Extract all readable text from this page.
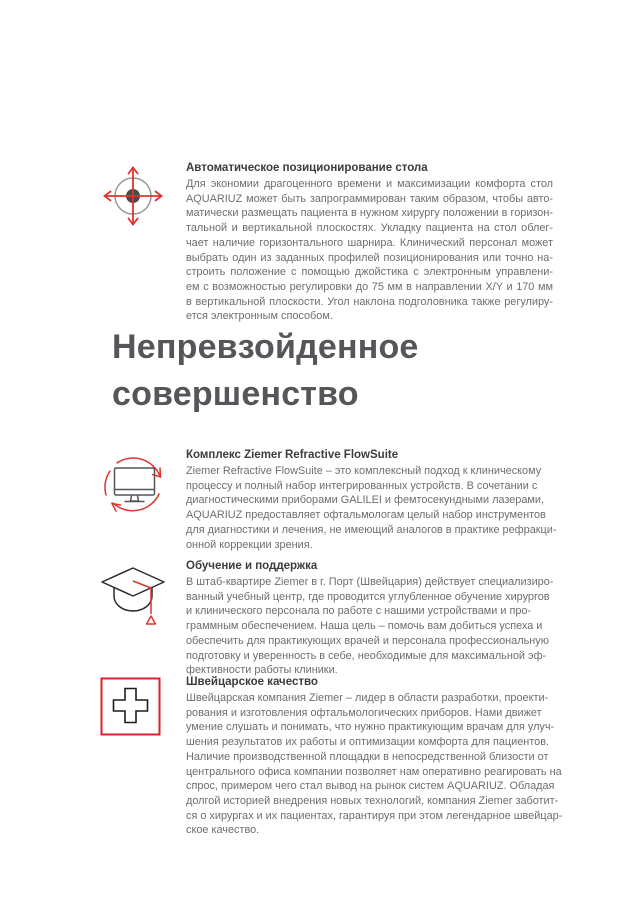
Автоматическое позиционирование стола
Для экономии драгоценного времени и максимизации комфорта стол
AQUARIUZ может быть запрограммирован таким образом, чтобы авто-
матически размещать пациента в нужном хирургу положении в горизон-
тальной и вертикальной плоскостях. Укладку пациента на стол облег-
чает наличие горизонтального шарнира. Клинический персонал может
выбрать один из заданных профилей позиционирования или точно на-
строить положение с помощью джойстика с электронным управлени-
ем с возможностью регулировки до 75 мм в направлении X/Y и 170 мм
в вертикальной плоскости. Угол наклона подголовника также регулиру-
ется электронным способом.
Непревзойденное
совершенство
Комплекс Ziemer Refractive FlowSuite
Ziemer Refractive FlowSuite – это комплексный подход к клиническому
процессу и полный набор интегрированных устройств. В сочетании с
диагностическими приборами GALILEI и фемтосекундными лазерами,
AQUARIUZ предоставляет офтальмологам целый набор инструментов
для диагностики и лечения, не имеющий аналогов в практике рефракци-
онной коррекции зрения.
Обучение и поддержка
В штаб-квартире Ziemer в г. Порт (Швейцария) действует специализиро-
ванный учебный центр, где проводится углубленное обучение хирургов
и клинического персонала по работе с нашими устройствами и про-
граммным обеспечением. Наша цель – помочь вам добиться успеха и
обеспечить для практикующих врачей и персонала профессиональную
подготовку и уверенность в себе, необходимые для максимальной эф-
фективности работы клиники.
Швейцарское качество
Швейцарская компания Ziemer – лидер в области разработки, проекти-
рования и изготовления офтальмологических приборов. Нами движет
умение слушать и понимать, что нужно практикующим врачам для улуч-
шения результатов их работы и оптимизации комфорта для пациентов.
Наличие производственной площадки в непосредственной близости от
центрального офиса компании позволяет нам оперативно реагировать на
спрос, примером чего стал вывод на рынок систем AQUARIUZ. Обладая
долгой историей внедрения новых технологий, компания Ziemer заботит-
ся о хирургах и их пациентах, гарантируя при этом легендарное швейцар-
ское качество.
